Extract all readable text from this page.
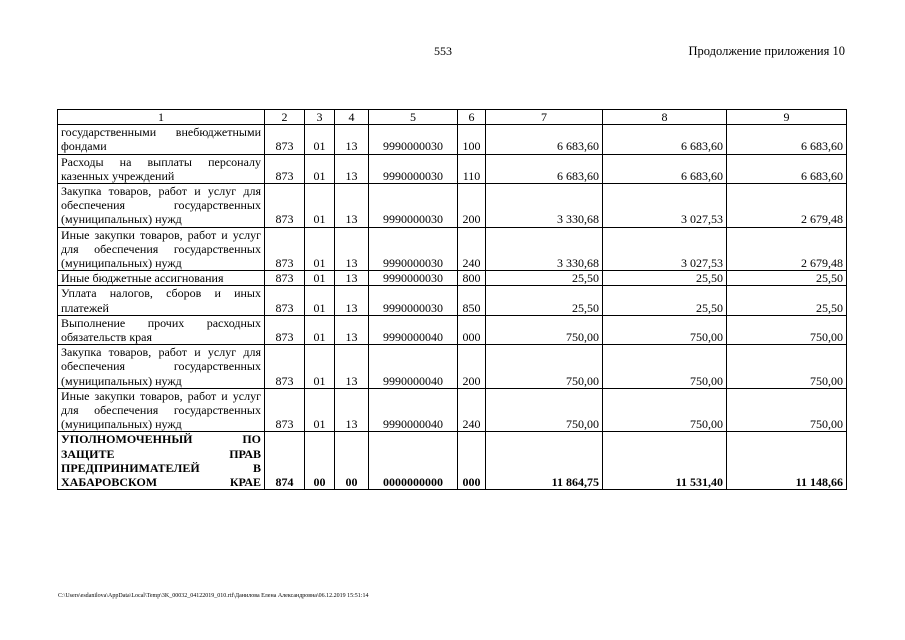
553	Продолжение приложения 10
1	2	3	4	5	6	7	8	9
государственными внебюджетными фондами	873	01	13	9990000030	100	6 683,60	6 683,60	6 683,60
Расходы на выплаты персоналу казенных учреждений	873	01	13	9990000030	110	6 683,60	6 683,60	6 683,60
Закупка товаров, работ и услуг для обеспечения государственных (муниципальных) нужд	873	01	13	9990000030	200	3 330,68	3 027,53	2 679,48
Иные закупки товаров, работ и услуг для обеспечения государственных (муниципальных) нужд	873	01	13	9990000030	240	3 330,68	3 027,53	2 679,48
Иные бюджетные ассигнования	873	01	13	9990000030	800	25,50	25,50	25,50
Уплата налогов, сборов и иных платежей	873	01	13	9990000030	850	25,50	25,50	25,50
Выполнение прочих расходных обязательств края	873	01	13	9990000040	000	750,00	750,00	750,00
Закупка товаров, работ и услуг для обеспечения государственных (муниципальных) нужд	873	01	13	9990000040	200	750,00	750,00	750,00
Иные закупки товаров, работ и услуг для обеспечения государственных (муниципальных) нужд	873	01	13	9990000040	240	750,00	750,00	750,00
УПОЛНОМОЧЕННЫЙ ПО ЗАЩИТЕ ПРАВ ПРЕДПРИНИМАТЕЛЕЙ В ХАБАРОВСКОМ КРАЕ	874	00	00	0000000000	000	11 864,75	11 531,40	11 148,66
C:\Users\esdanilova\AppData\Local\Temp\3K_00032_04122019_010.rtf\Данилова Елена Александровна\06.12.2019 15:51:14
